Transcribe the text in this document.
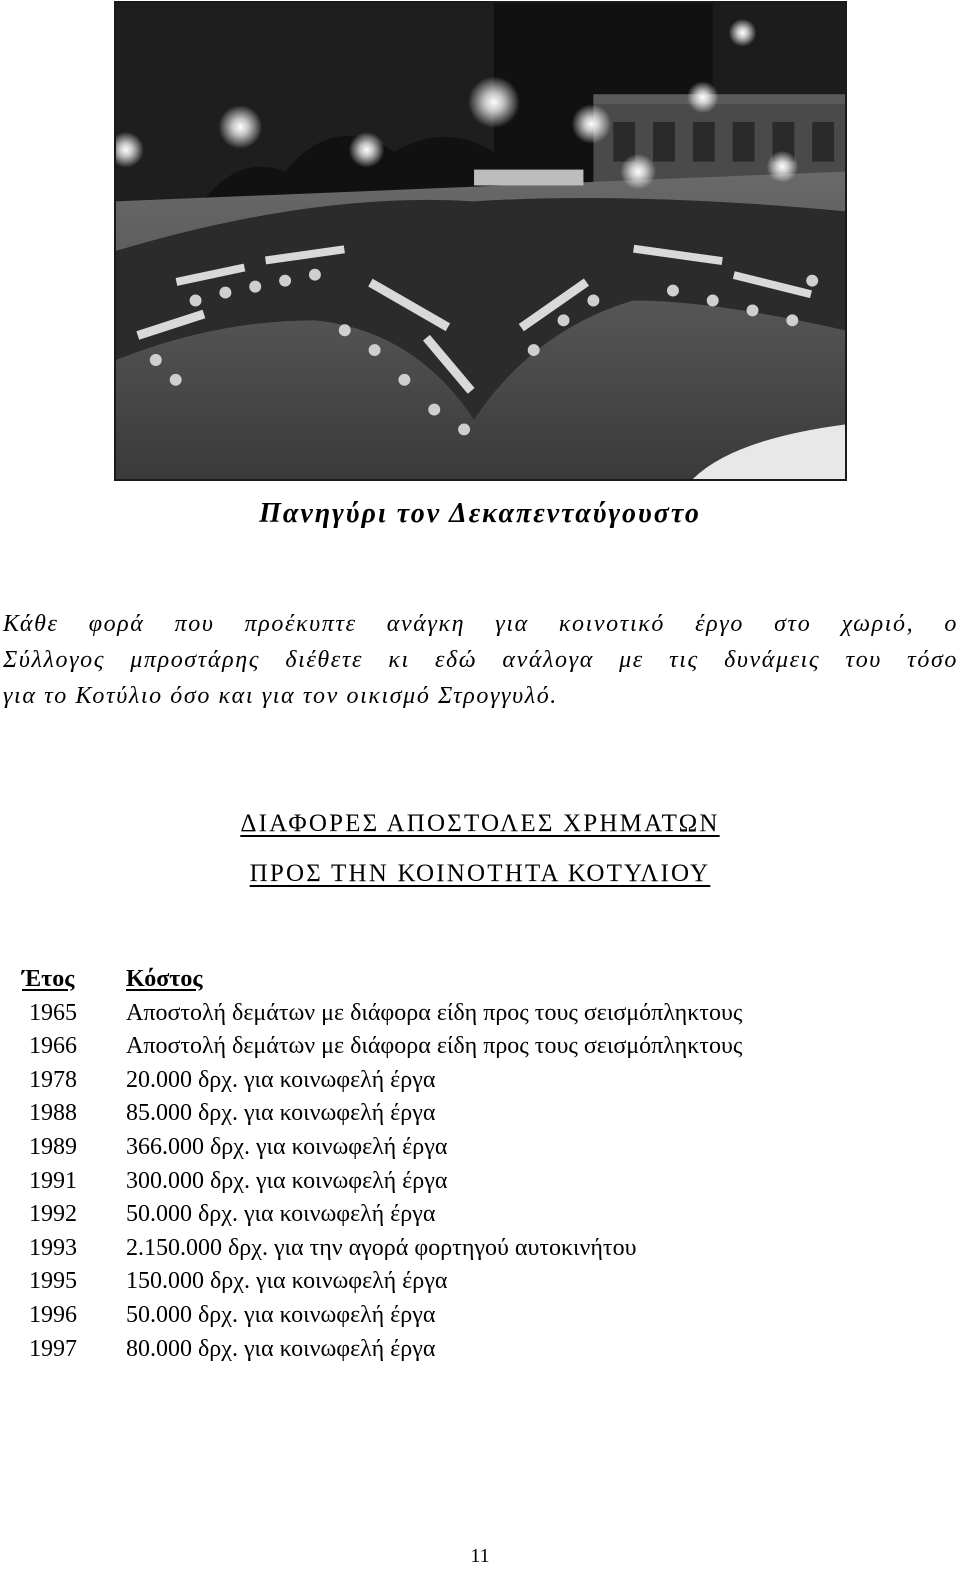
Πανηγύρι τον Δεκαπενταύγουστο
Κάθε φορά που προέκυπτε ανάγκη για κοινοτικό έργο στο χωριό, ο
Σύλλογος μπροστάρης διέθετε κι εδώ ανάλογα με τις δυνάμεις του τόσο
για το Κοτύλιο όσο και για τον οικισμό Στρογγυλό.
ΔΙΑΦΟΡΕΣ ΑΠΟΣΤΟΛΕΣ ΧΡΗΜΑΤΩΝ
ΠΡΟΣ ΤΗΝ ΚΟΙΝΟΤΗΤΑ ΚΟΤΥΛΙΟΥ
Έτος	Κόστος
1965	Αποστολή δεμάτων με διάφορα είδη προς τους σεισμόπληκτους
1966	Αποστολή δεμάτων με διάφορα είδη προς τους σεισμόπληκτους
1978	20.000 δρχ. για κοινωφελή έργα
1988	85.000 δρχ. για κοινωφελή έργα
1989	366.000 δρχ. για κοινωφελή έργα
1991	300.000 δρχ. για κοινωφελή έργα
1992	50.000 δρχ. για κοινωφελή έργα
1993	2.150.000 δρχ. για την αγορά φορτηγού αυτοκινήτου
1995	150.000 δρχ. για κοινωφελή έργα
1996	50.000 δρχ. για κοινωφελή έργα
1997	80.000 δρχ. για κοινωφελή έργα
11
